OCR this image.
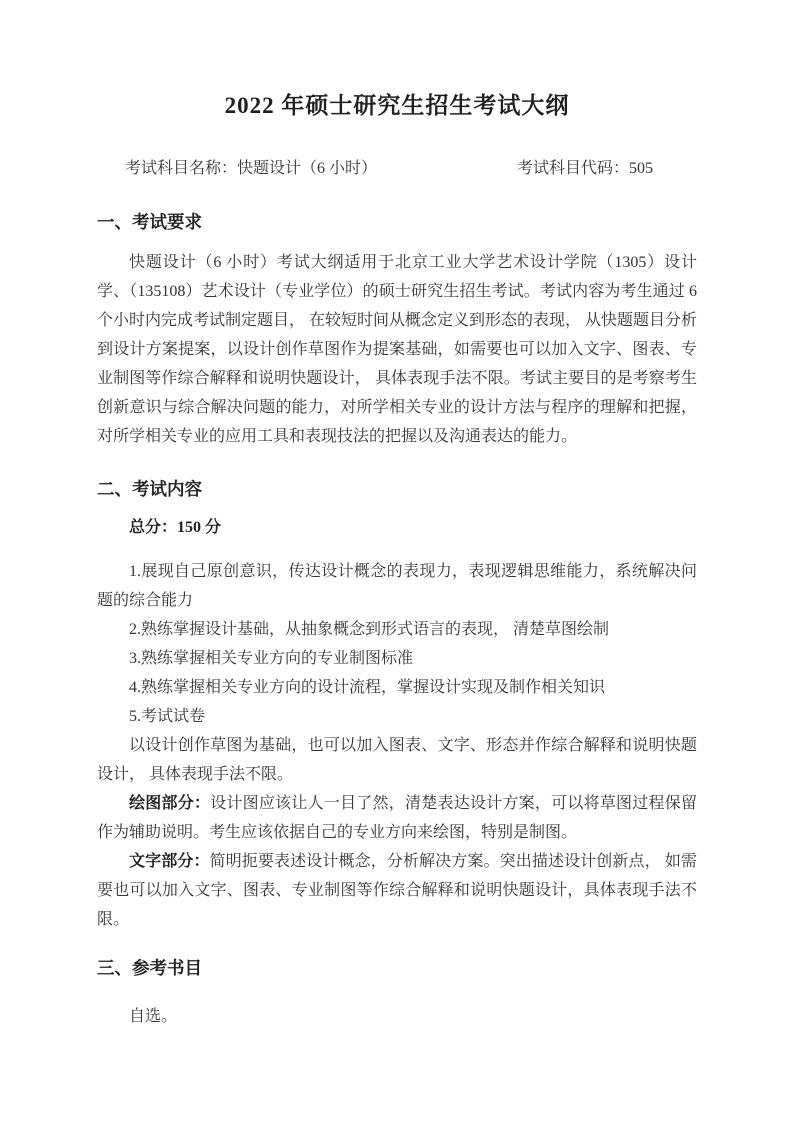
2022 年硕士研究生招生考试大纲
考试科目名称：快题设计（6 小时）	考试科目代码：505
一、考试要求

快题设计（6 小时）考试大纲适用于北京工业大学艺术设计学院（1305）设计学、（135108）艺术设计（专业学位）的硕士研究生招生考试。考试内容为考生通过 6 个小时内完成考试制定题目， 在较短时间从概念定义到形态的表现， 从快题题目分析到设计方案提案，以设计创作草图作为提案基础，如需要也可以加入文字、图表、专业制图等作综合解释和说明快题设计， 具体表现手法不限。考试主要目的是考察考生创新意识与综合解决问题的能力，对所学相关专业的设计方法与程序的理解和把握， 对所学相关专业的应用工具和表现技法的把握以及沟通表达的能力。

二、考试内容

总分：150 分

1.展现自己原创意识，传达设计概念的表现力，表现逻辑思维能力，系统解决问题的综合能力

2.熟练掌握设计基础，从抽象概念到形式语言的表现， 清楚草图绘制

3.熟练掌握相关专业方向的专业制图标准

4.熟练掌握相关专业方向的设计流程，掌握设计实现及制作相关知识

5.考试试卷

以设计创作草图为基础，也可以加入图表、文字、形态并作综合解释和说明快题设计， 具体表现手法不限。

绘图部分：设计图应该让人一目了然，清楚表达设计方案，可以将草图过程保留作为辅助说明。考生应该依据自己的专业方向来绘图，特别是制图。

文字部分：简明扼要表述设计概念，分析解决方案。突出描述设计创新点， 如需要也可以加入文字、图表、专业制图等作综合解释和说明快题设计，具体表现手法不限。

三、参考书目

自选。
